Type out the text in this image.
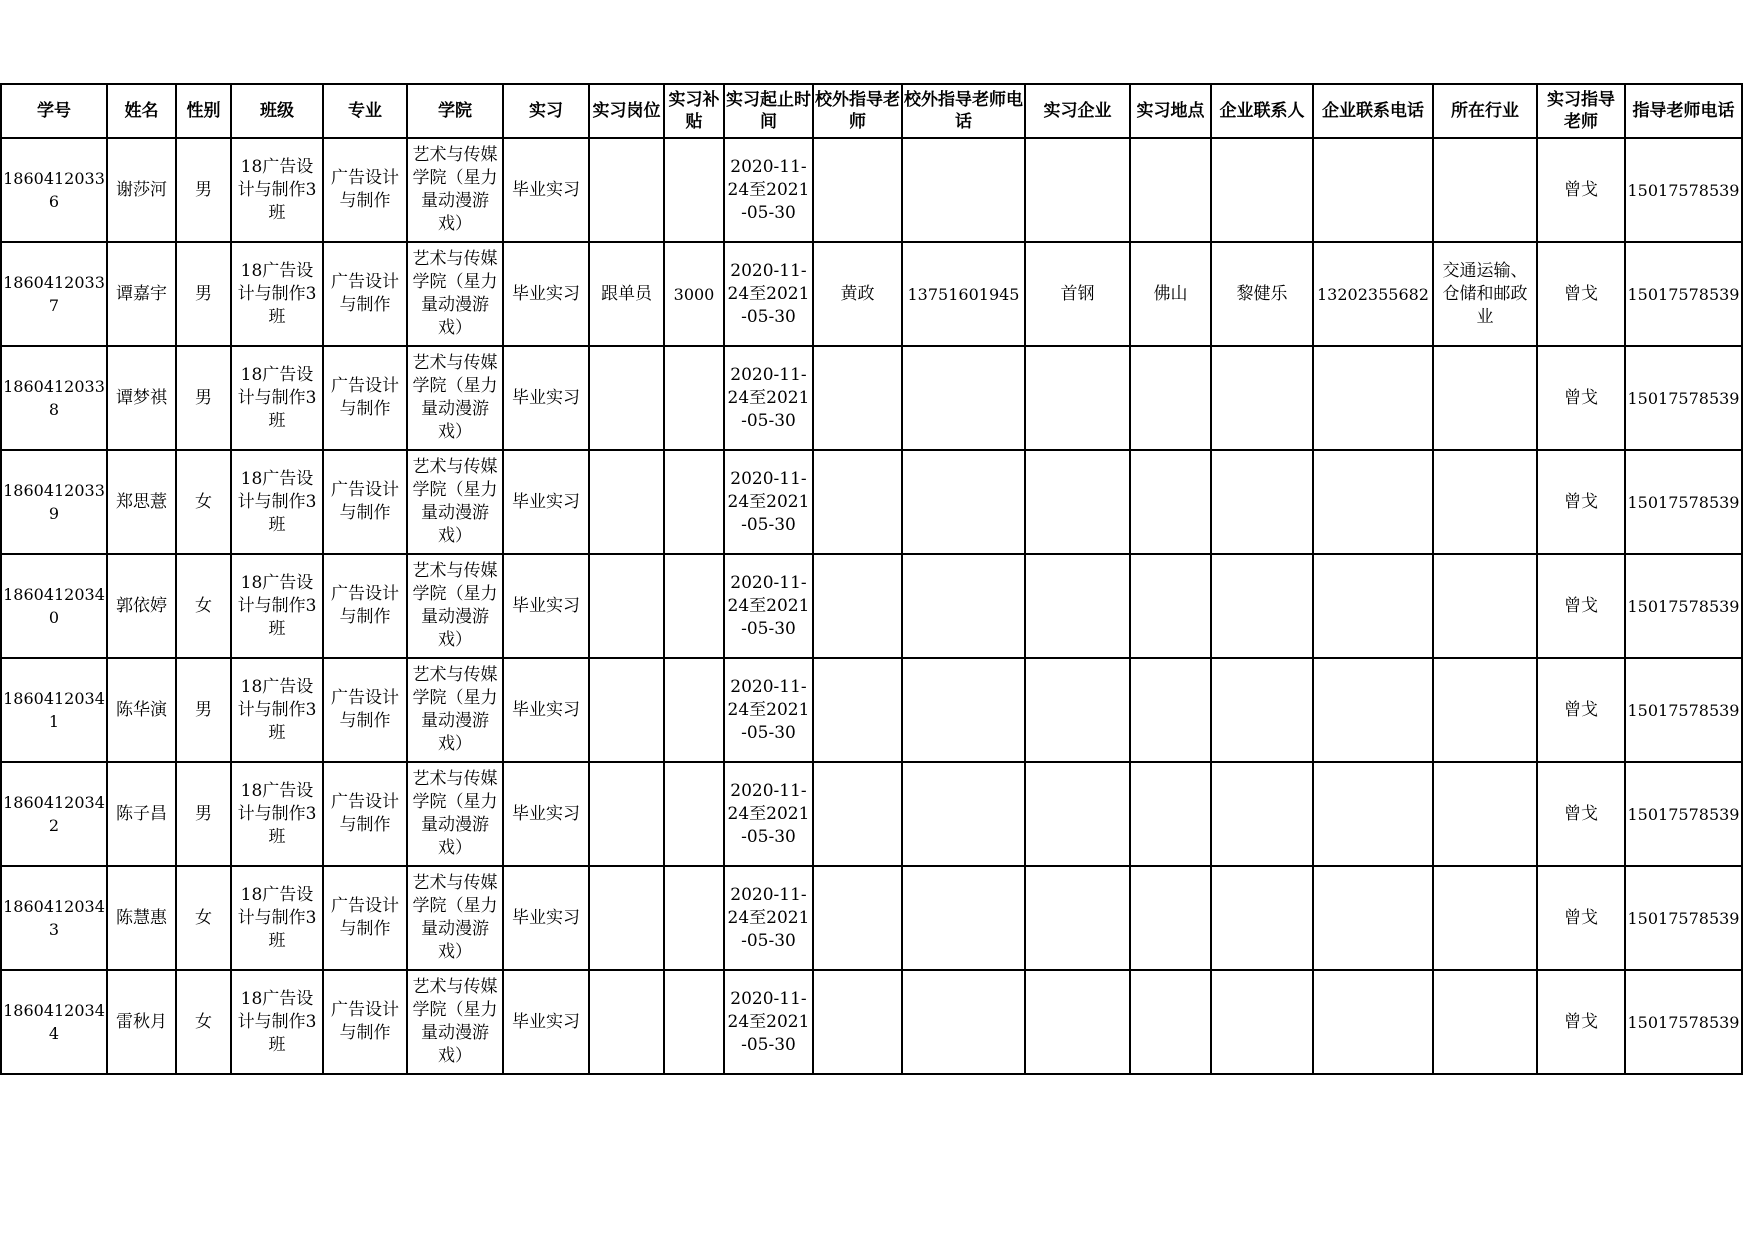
学号	姓名	性别	班级	专业	学院	实习	实习岗位	实习补贴	实习起止时间	校外指导老师	校外指导老师电话	实习企业	实习地点	企业联系人	企业联系电话	所在行业	实习指导老师	指导老师电话
18604120336	谢莎河	男	18广告设计与制作3班	广告设计与制作	艺术与传媒学院（星力量动漫游戏）	毕业实习			2020-11-24至2021-05-30								曾戈	15017578539
18604120337	谭嘉宇	男	18广告设计与制作3班	广告设计与制作	艺术与传媒学院（星力量动漫游戏）	毕业实习	跟单员	3000	2020-11-24至2021-05-30	黄政	13751601945	首钢	佛山	黎健乐	13202355682	交通运输、仓储和邮政业	曾戈	15017578539
18604120338	谭梦祺	男	18广告设计与制作3班	广告设计与制作	艺术与传媒学院（星力量动漫游戏）	毕业实习			2020-11-24至2021-05-30								曾戈	15017578539
18604120339	郑思薏	女	18广告设计与制作3班	广告设计与制作	艺术与传媒学院（星力量动漫游戏）	毕业实习			2020-11-24至2021-05-30								曾戈	15017578539
18604120340	郭依婷	女	18广告设计与制作3班	广告设计与制作	艺术与传媒学院（星力量动漫游戏）	毕业实习			2020-11-24至2021-05-30								曾戈	15017578539
18604120341	陈华演	男	18广告设计与制作3班	广告设计与制作	艺术与传媒学院（星力量动漫游戏）	毕业实习			2020-11-24至2021-05-30								曾戈	15017578539
18604120342	陈子昌	男	18广告设计与制作3班	广告设计与制作	艺术与传媒学院（星力量动漫游戏）	毕业实习			2020-11-24至2021-05-30								曾戈	15017578539
18604120343	陈慧惠	女	18广告设计与制作3班	广告设计与制作	艺术与传媒学院（星力量动漫游戏）	毕业实习			2020-11-24至2021-05-30								曾戈	15017578539
18604120344	雷秋月	女	18广告设计与制作3班	广告设计与制作	艺术与传媒学院（星力量动漫游戏）	毕业实习			2020-11-24至2021-05-30								曾戈	15017578539
